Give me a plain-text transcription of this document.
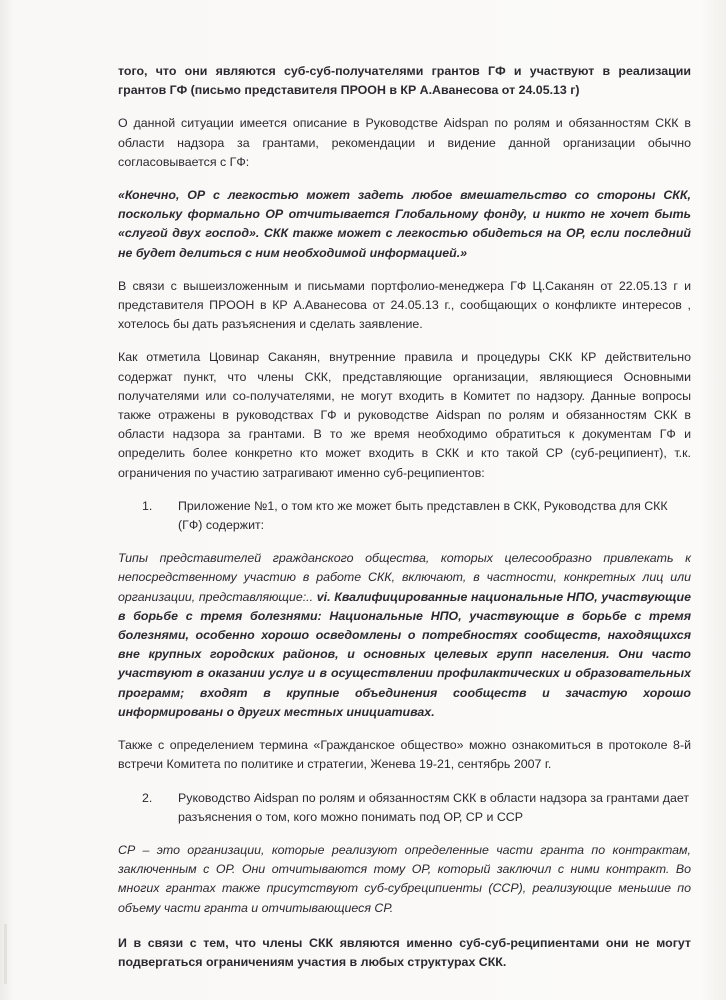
того, что они являются суб-суб-получателями грантов ГФ и участвуют в реализации грантов ГФ (письмо представителя ПРООН в КР А.Аванесова от 24.05.13 г)

О данной ситуации имеется описание в Руководстве Aidspan по ролям и обязанностям СКК в области надзора за грантами, рекомендации и видение данной организации обычно согласовывается с ГФ:

«Конечно, ОР с легкостью может задеть любое вмешательство со стороны СКК, поскольку формально ОР отчитывается Глобальному фонду, и никто не хочет быть «слугой двух господ». СКК также может с легкостью обидеться на ОР, если последний не будет делиться с ним необходимой информацией.»

В связи с вышеизложенным и письмами портфолио-менеджера ГФ Ц.Саканян от 22.05.13 г и представителя ПРООН в КР А.Аванесова от 24.05.13 г., сообщающих о конфликте интересов , хотелось бы дать разъяснения и сделать заявление.

Как отметила Цовинар Саканян, внутренние правила и процедуры СКК КР действительно содержат пункт, что члены СКК, представляющие организации, являющиеся Основными получателями или со-получателями, не могут входить в Комитет по надзору. Данные вопросы также отражены в руководствах ГФ и руководстве Aidspan по ролям и обязанностям СКК в области надзора за грантами. В то же время необходимо обратиться к документам ГФ и определить более конкретно кто может входить в СКК и кто такой СР (суб-реципиент), т.к. ограничения по участию затрагивают именно суб-реципиентов:

1.	Приложение №1, о том кто же может быть представлен в СКК, Руководства для СКК (ГФ) содержит:

Типы представителей гражданского общества, которых целесообразно привлекать к непосредственному участию в работе СКК, включают, в частности, конкретных лиц или организации, представляющие:.. vi. Квалифицированные национальные НПО, участвующие в борьбе с тремя болезнями: Национальные НПО, участвующие в борьбе с тремя болезнями, особенно хорошо осведомлены о потребностях сообществ, находящихся вне крупных городских районов, и основных целевых групп населения. Они часто участвуют в оказании услуг и в осуществлении профилактических и образовательных программ; входят в крупные объединения сообществ и зачастую хорошо информированы о других местных инициативах.

Также с определением термина «Гражданское общество» можно ознакомиться в протоколе 8-й встречи Комитета по политике и стратегии, Женева 19-21, сентябрь 2007 г.

2.	Руководство Aidspan по ролям и обязанностям СКК в области надзора за грантами дает разъяснения о том, кого можно понимать под ОР, СР и ССР

СР – это организации, которые реализуют определенные части гранта по контрактам, заключенным с ОР. Они отчитываются тому ОР, который заключил с ними контракт. Во многих грантах также присутствуют суб-субреципиенты (ССР), реализующие меньшие по объему части гранта и отчитывающиеся СР.

И в связи с тем, что члены СКК являются именно суб-суб-реципиентами они не могут подвергаться ограничениям участия в любых структурах СКК.
